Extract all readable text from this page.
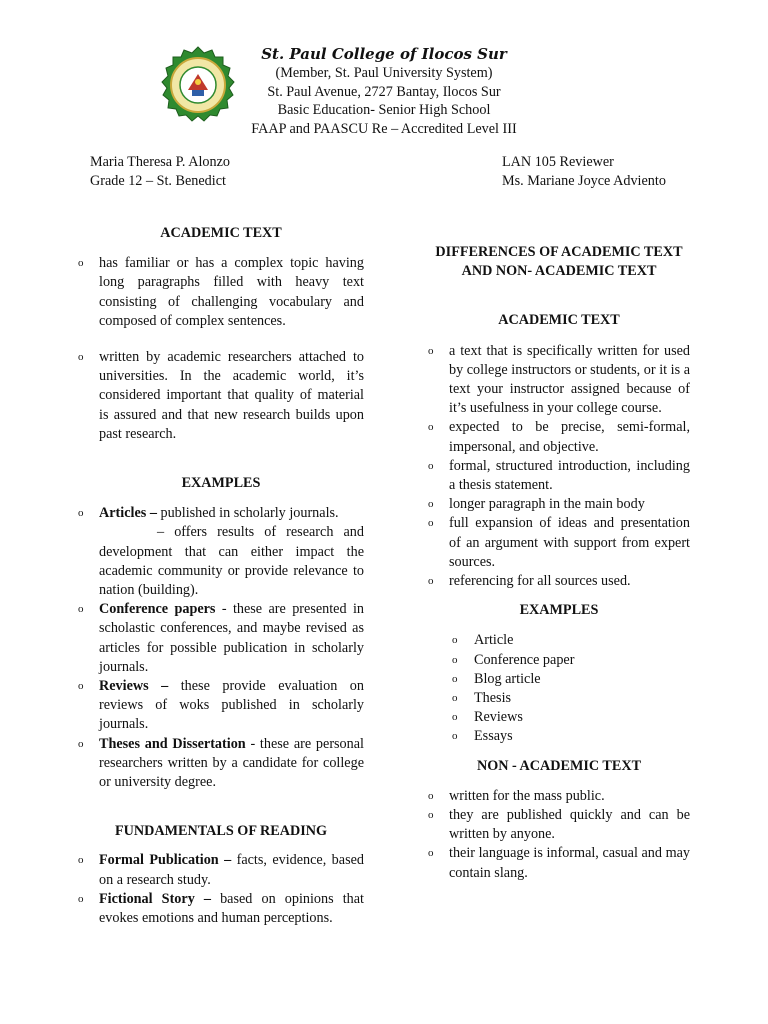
St. Paul College of Ilocos Sur
(Member, St. Paul University System)
St. Paul Avenue, 2727 Bantay, Ilocos Sur
Basic Education- Senior High School
FAAP and PAASCU Re – Accredited Level III
Maria Theresa P. Alonzo
Grade 12 – St. Benedict
LAN 105 Reviewer
Ms. Mariane Joyce Adviento
ACADEMIC TEXT
o has familiar or has a complex topic having long paragraphs filled with heavy text consisting of challenging vocabulary and composed of complex sentences.
o written by academic researchers attached to universities. In the academic world, it’s considered important that quality of material is assured and that new research builds upon past research.
EXAMPLES
o Articles – published in scholarly journals.
– offers results of research and development that can either impact the academic community or provide relevance to nation (building).
o Conference papers - these are presented in scholastic conferences, and maybe revised as articles for possible publication in scholarly journals.
o Reviews – these provide evaluation on reviews of woks published in scholarly journals.
o Theses and Dissertation - these are personal researchers written by a candidate for college or university degree.
FUNDAMENTALS OF READING
o Formal Publication – facts, evidence, based on a research study.
o Fictional Story – based on opinions that evokes emotions and human perceptions.
DIFFERENCES OF ACADEMIC TEXT
AND NON- ACADEMIC TEXT
ACADEMIC TEXT
o a text that is specifically written for used by college instructors or students, or it is a text your instructor assigned because of it’s usefulness in your college course.
o expected to be precise, semi-formal, impersonal, and objective.
o formal, structured introduction, including a thesis statement.
o longer paragraph in the main body
o full expansion of ideas and presentation of an argument with support from expert sources.
o referencing for all sources used.
EXAMPLES
o Article
o Conference paper
o Blog article
o Thesis
o Reviews
o Essays
NON - ACADEMIC TEXT
o written for the mass public.
o they are published quickly and can be written by anyone.
o their language is informal, casual and may contain slang.
